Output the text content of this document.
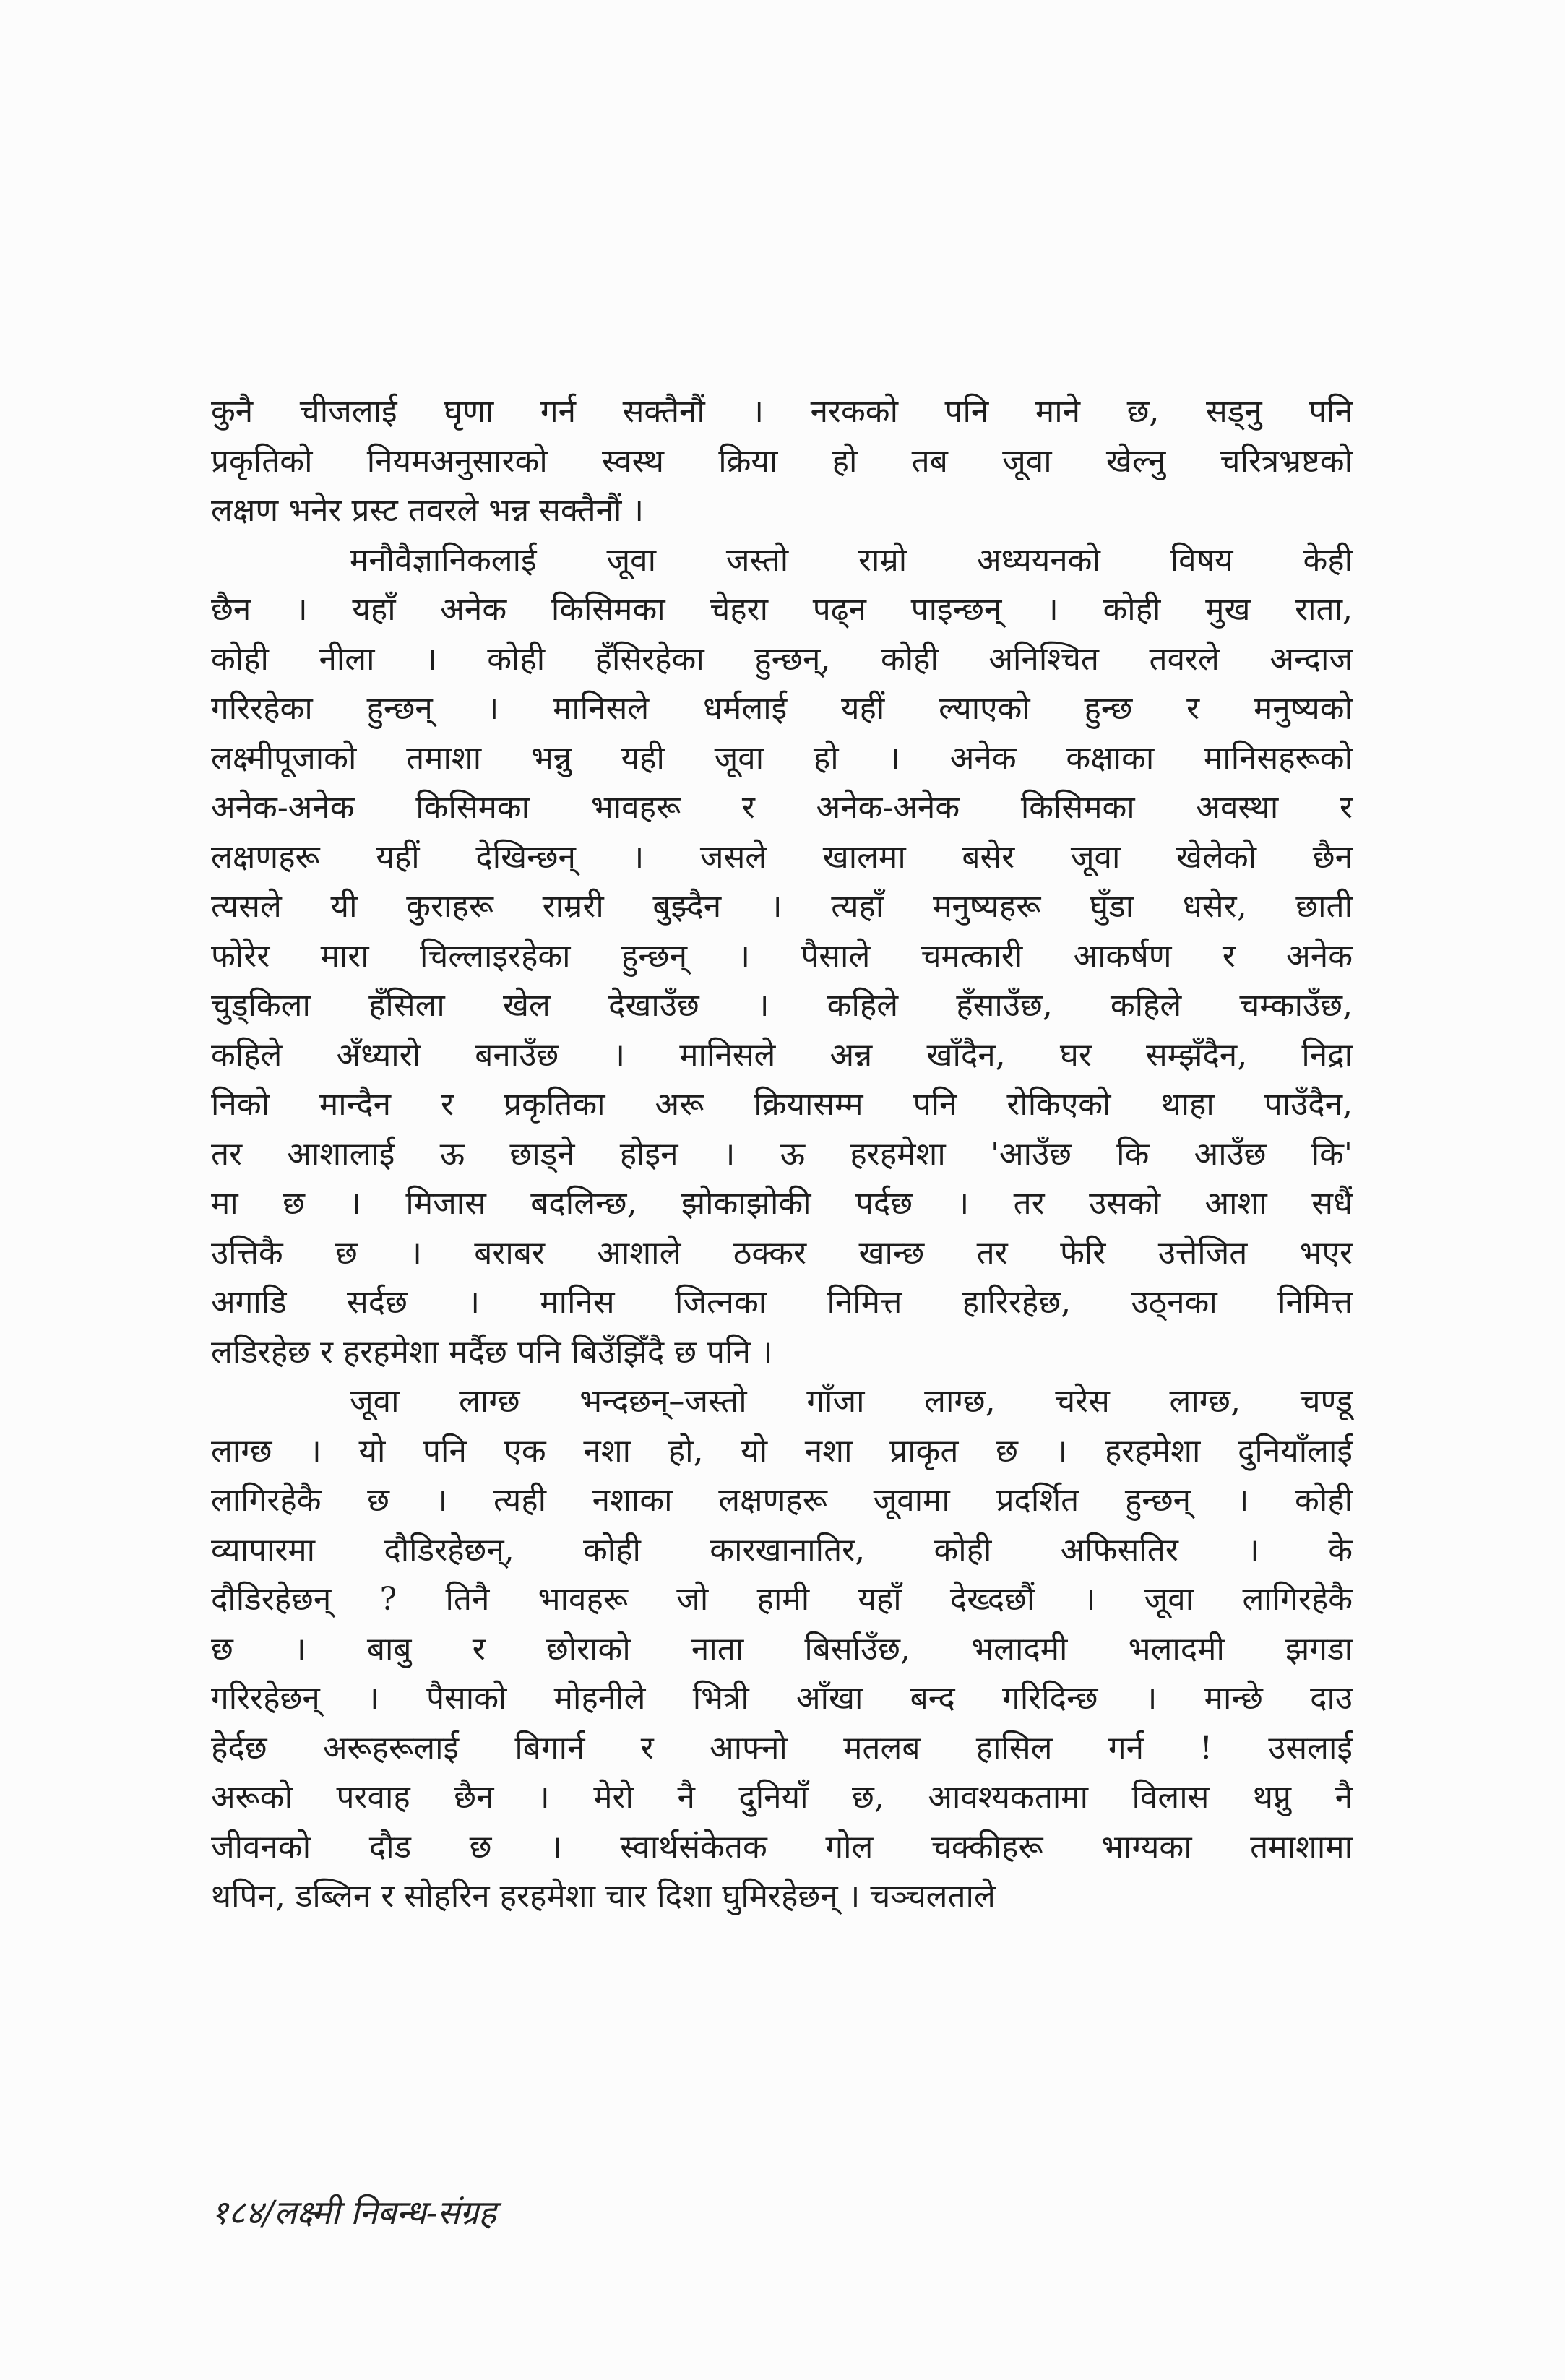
कुनै चीजलाई घृणा गर्न सक्तैनौं । नरकको पनि माने छ, सड्नु पनि
प्रकृतिको नियमअनुसारको स्वस्थ क्रिया हो तब जूवा खेल्नु चरित्रभ्रष्टको
लक्षण भनेर प्रस्ट तवरले भन्न सक्तैनौं ।
मनौवैज्ञानिकलाई जूवा जस्तो राम्रो अध्ययनको विषय केही
छैन । यहाँ अनेक किसिमका चेहरा पढ्न पाइन्छन् । कोही मुख राता,
कोही नीला । कोही हँसिरहेका हुन्छन्, कोही अनिश्चित तवरले अन्दाज
गरिरहेका हुन्छन् । मानिसले धर्मलाई यहीं ल्याएको हुन्छ र मनुष्यको
लक्ष्मीपूजाको तमाशा भन्नु यही जूवा हो । अनेक कक्षाका मानिसहरूको
अनेक-अनेक किसिमका भावहरू र अनेक-अनेक किसिमका अवस्था र
लक्षणहरू यहीं देखिन्छन् । जसले खालमा बसेर जूवा खेलेको छैन
त्यसले यी कुराहरू राम्ररी बुझ्दैन । त्यहाँ मनुष्यहरू घुँडा धसेर, छाती
फोरेर मारा चिल्लाइरहेका हुन्छन् । पैसाले चमत्कारी आकर्षण र अनेक
चुड्किला हँसिला खेल देखाउँछ । कहिले हँसाउँछ, कहिले चम्काउँछ,
कहिले अँध्यारो बनाउँछ । मानिसले अन्न खाँदैन, घर सम्झँदैन, निद्रा
निको मान्दैन र प्रकृतिका अरू क्रियासम्म पनि रोकिएको थाहा पाउँदैन,
तर आशालाई ऊ छाड्ने होइन । ऊ हरहमेशा 'आउँछ कि आउँछ कि'
मा छ । मिजास बदलिन्छ, झोकाझोकी पर्दछ । तर उसको आशा सधैं
उत्तिकै छ । बराबर आशाले ठक्कर खान्छ तर फेरि उत्तेजित भएर
अगाडि सर्दछ । मानिस जित्नका निमित्त हारिरहेछ, उठ्नका निमित्त
लडिरहेछ र हरहमेशा मर्दैछ पनि बिउँझिँदै छ पनि ।
जूवा लाग्छ भन्दछन्–जस्तो गाँजा लाग्छ, चरेस लाग्छ, चण्डू
लाग्छ । यो पनि एक नशा हो, यो नशा प्राकृत छ । हरहमेशा दुनियाँलाई
लागिरहेकै छ । त्यही नशाका लक्षणहरू जूवामा प्रदर्शित हुन्छन् । कोही
व्यापारमा दौडिरहेछन्, कोही कारखानातिर, कोही अफिसतिर । के
दौडिरहेछन् ? तिनै भावहरू जो हामी यहाँ देख्दछौं । जूवा लागिरहेकै
छ । बाबु र छोराको नाता बिर्साउँछ, भलादमी भलादमी झगडा
गरिरहेछन् । पैसाको मोहनीले भित्री आँखा बन्द गरिदिन्छ । मान्छे दाउ
हेर्दछ अरूहरूलाई बिगार्न र आफ्नो मतलब हासिल गर्न ! उसलाई
अरूको परवाह छैन । मेरो नै दुनियाँ छ, आवश्यकतामा विलास थप्नु नै
जीवनको दौड छ । स्वार्थसंकेतक गोल चक्कीहरू भाग्यका तमाशामा
थपिन, डब्लिन र सोहरिन हरहमेशा चार दिशा घुमिरहेछन् । चञ्चलताले
१८४/लक्ष्मी निबन्ध-संग्रह
